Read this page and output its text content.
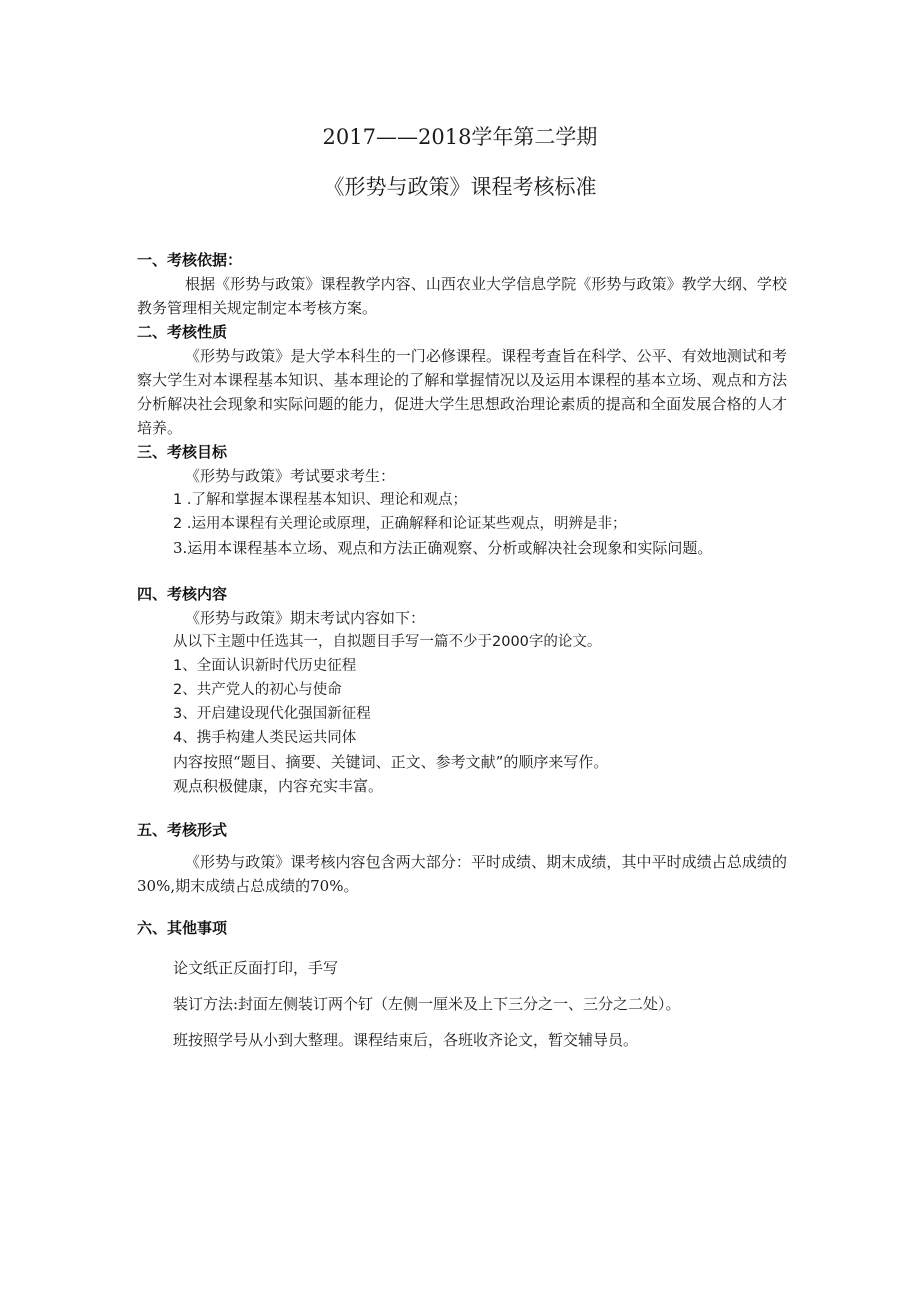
2017——2018学年第二学期
《形势与政策》课程考核标准
一、考核依据：

根据《形势与政策》课程教学内容、山西农业大学信息学院《形势与政策》教学大纲、学校教务管理相关规定制定本考核方案。

二、考核性质

《形势与政策》是大学本科生的一门必修课程。课程考查旨在科学、公平、有效地测试和考察大学生对本课程基本知识、基本理论的了解和掌握情况以及运用本课程的基本立场、观点和方法分析解决社会现象和实际问题的能力，促进大学生思想政治理论素质的提高和全面发展合格的人才培养。

三、考核目标
《形势与政策》考试要求考生：
1 .了解和掌握本课程基本知识、理论和观点；
2 .运用本课程有关理论或原理，正确解释和论证某些观点，明辨是非；
3.运用本课程基本立场、观点和方法正确观察、分析或解决社会现象和实际问题。
四、考核内容
《形势与政策》期末考试内容如下：
从以下主题中任选其一，自拟题目手写一篇不少于2000字的论文。
1、全面认识新时代历史征程
2、共产党人的初心与使命
3、开启建设现代化强国新征程
4、携手构建人类民运共同体
内容按照“题目、摘要、关键词、正文、参考文献”的顺序来写作。
观点积极健康，内容充实丰富。
五、考核形式

《形势与政策》课考核内容包含两大部分：平时成绩、期末成绩，其中平时成绩占总成绩的30%,期末成绩占总成绩的70%。

六、其他事项
论文纸正反面打印，手写
装订方法:封面左侧装订两个钉（左侧一厘米及上下三分之一、三分之二处）。
班按照学号从小到大整理。课程结束后，各班收齐论文，暂交辅导员。
